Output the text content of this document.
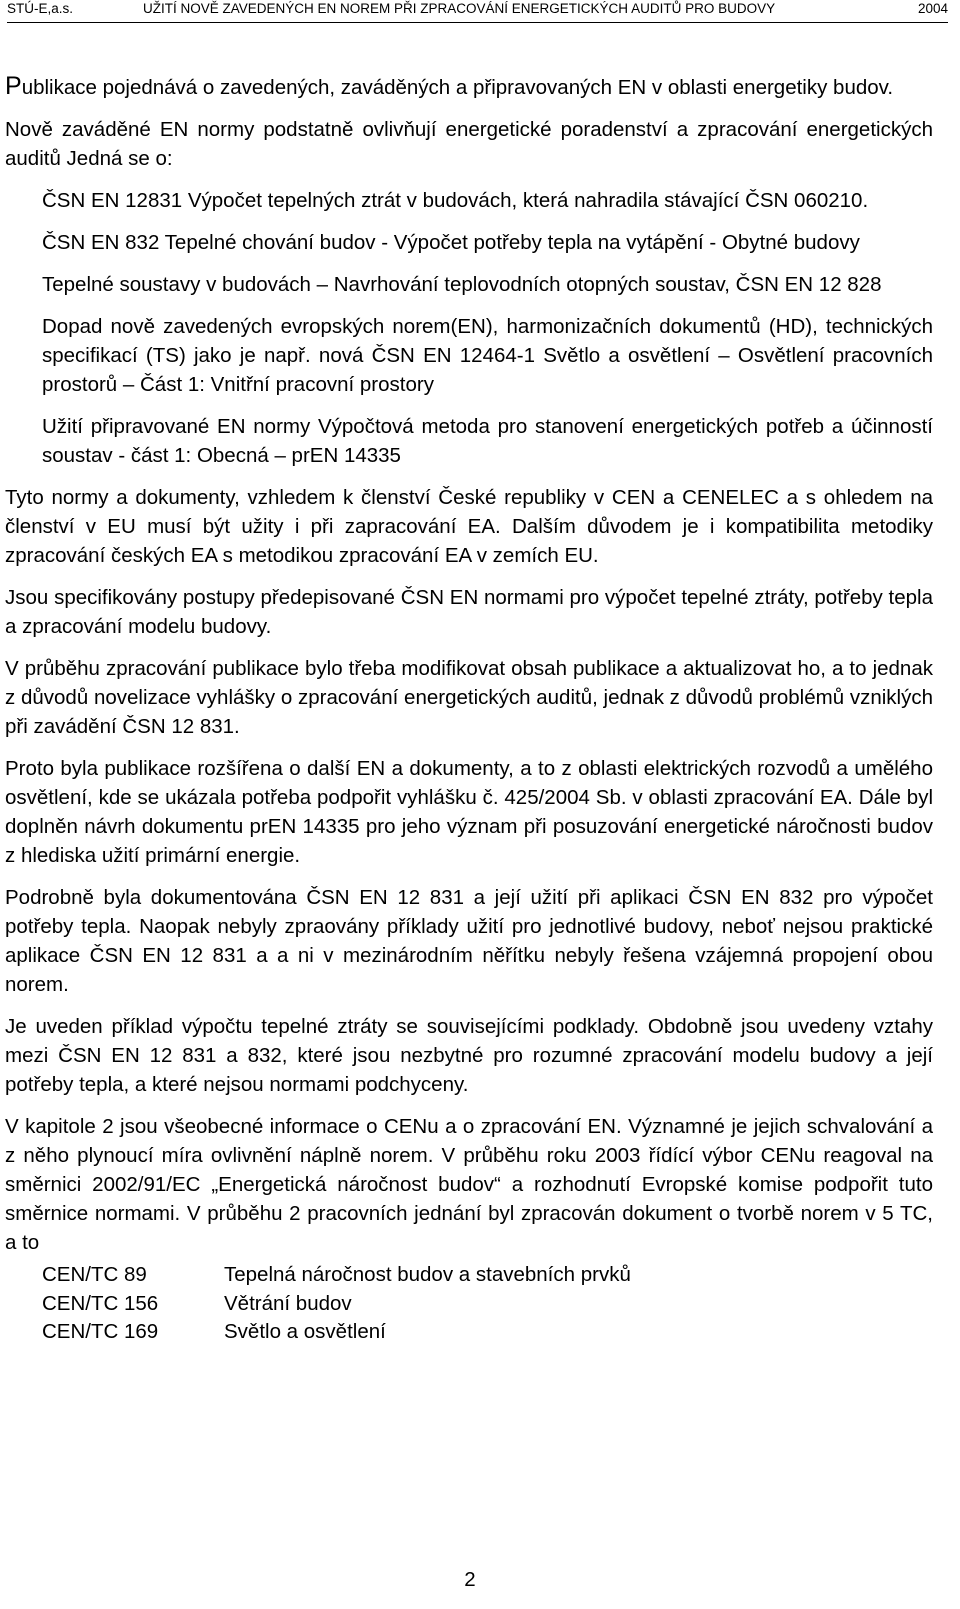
STÚ-E,a.s.	UŽITÍ NOVĚ ZAVEDENÝCH EN NOREM PŘI ZPRACOVÁNÍ ENERGETICKÝCH AUDITŮ PRO BUDOVY	2004

Publikace pojednává o zavedených, zaváděných a připravovaných EN v oblasti energetiky budov.

Nově zaváděné EN normy podstatně ovlivňují energetické poradenství a zpracování energetických auditů Jedná se o:

ČSN EN 12831 Výpočet tepelných ztrát v budovách, která nahradila stávající ČSN 060210.

ČSN EN 832 Tepelné chování budov - Výpočet potřeby tepla na vytápění - Obytné budovy

Tepelné soustavy v budovách – Navrhování teplovodních otopných soustav, ČSN EN 12 828

Dopad nově zavedených evropských norem(EN), harmonizačních dokumentů (HD), technických specifikací (TS) jako je např. nová ČSN EN 12464-1 Světlo a osvětlení – Osvětlení pracovních prostorů – Část 1: Vnitřní pracovní prostory

Užití připravované EN normy Výpočtová metoda pro stanovení energetických potřeb a účinností soustav - část 1: Obecná – prEN 14335

Tyto normy a dokumenty, vzhledem k členství České republiky v CEN a CENELEC a s ohledem na členství v EU musí být užity i při zapracování EA. Dalším důvodem je i kompatibilita metodiky zpracování českých EA s metodikou zpracování EA v zemích EU.

Jsou specifikovány postupy předepisované ČSN EN normami pro výpočet tepelné ztráty, potřeby tepla a zpracování modelu budovy.

V průběhu zpracování publikace bylo třeba modifikovat obsah publikace a aktualizovat ho, a to jednak z důvodů novelizace vyhlášky o zpracování energetických auditů, jednak z důvodů problémů vzniklých při zavádění ČSN 12 831.

Proto byla publikace rozšířena o další EN a dokumenty, a to z oblasti elektrických rozvodů a umělého osvětlení, kde se ukázala potřeba podpořit vyhlášku č. 425/2004 Sb. v oblasti zpracování EA. Dále byl doplněn návrh dokumentu prEN 14335 pro jeho význam při posuzování energetické náročnosti budov z hlediska užití primární energie.

Podrobně byla dokumentována ČSN EN 12 831 a její užití při aplikaci ČSN EN 832 pro výpočet potřeby tepla. Naopak nebyly zpraovány příklady užití pro jednotlivé budovy, neboť nejsou praktické aplikace ČSN EN 12 831 a a ni v mezinárodním něřítku nebyly řešena vzájemná propojení obou norem.

Je uveden příklad výpočtu tepelné ztráty se souvisejícími podklady. Obdobně jsou uvedeny vztahy mezi ČSN EN 12 831 a 832, které jsou nezbytné pro rozumné zpracování modelu budovy a její potřeby tepla, a které nejsou normami podchyceny.

V kapitole 2 jsou všeobecné informace o CENu a o zpracování EN. Významné je jejich schvalování a z něho plynoucí míra ovlivnění náplně norem. V průběhu roku 2003 řídící výbor CENu reagoval na směrnici 2002/91/EC „Energetická náročnost budov“ a rozhodnutí Evropské komise podpořit tuto směrnice normami. V průběhu 2 pracovních jednání byl zpracován dokument o tvorbě norem v 5 TC, a to

CEN/TC 89	Tepelná náročnost budov a stavebních prvků
CEN/TC 156	Větrání budov
CEN/TC 169	Světlo a osvětlení
2
